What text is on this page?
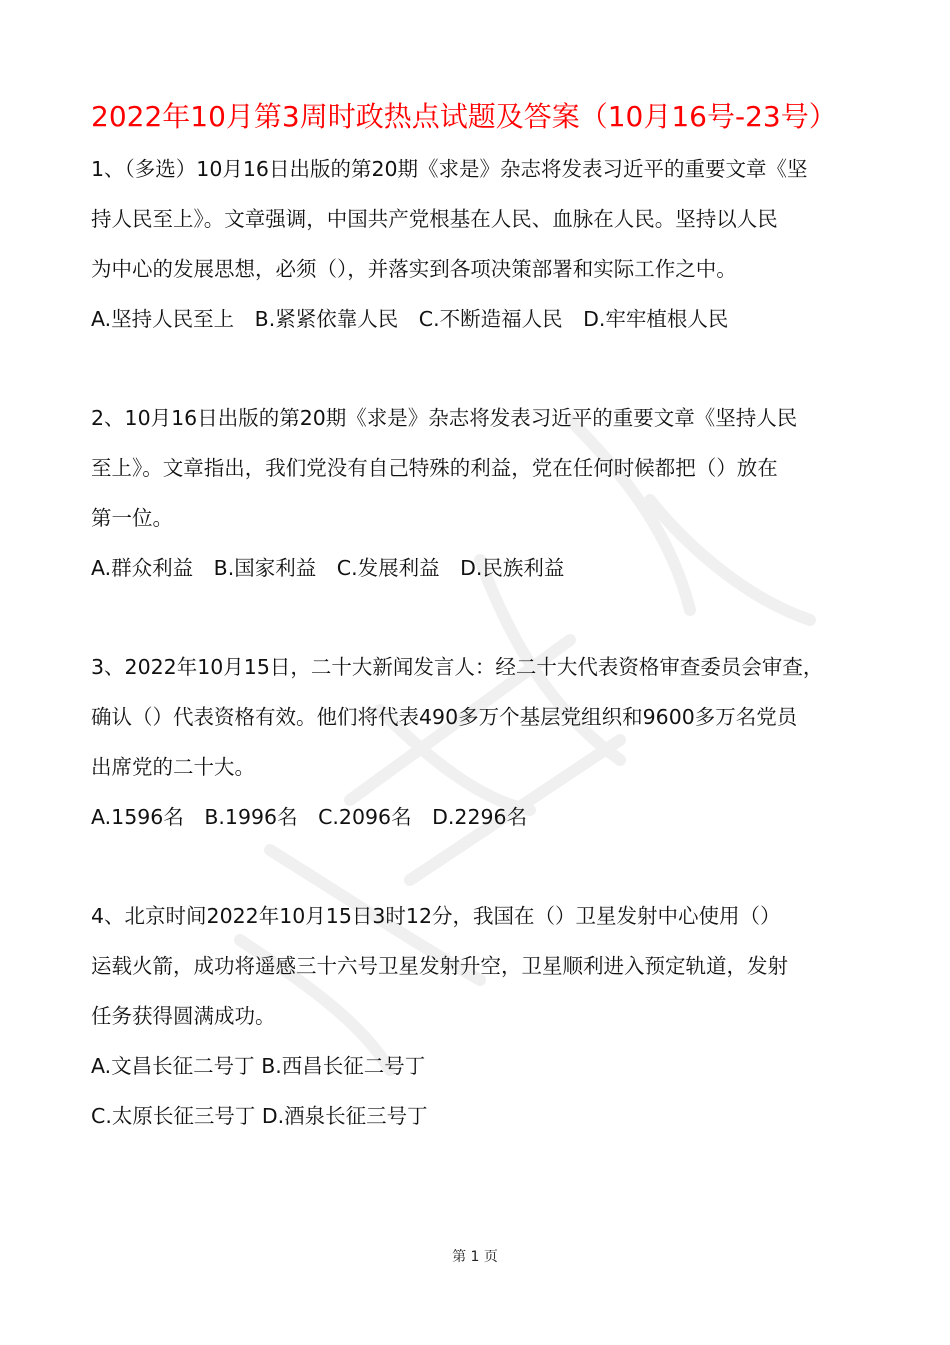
2022年10月第3周时政热点试题及答案（10月16号-23号）
1、（多选）10月16日出版的第20期《求是》杂志将发表习近平的重要文章《坚
持人民至上》。文章强调，中国共产党根基在人民、血脉在人民。坚持以人民
为中心的发展思想，必须（），并落实到各项决策部署和实际工作之中。
A.坚持人民至上　B.紧紧依靠人民　C.不断造福人民　D.牢牢植根人民
2、10月16日出版的第20期《求是》杂志将发表习近平的重要文章《坚持人民
至上》。文章指出，我们党没有自己特殊的利益，党在任何时候都把（）放在
第一位。
A.群众利益　B.国家利益　C.发展利益　D.民族利益
3、2022年10月15日，二十大新闻发言人：经二十大代表资格审查委员会审查，
确认（）代表资格有效。他们将代表490多万个基层党组织和9600多万名党员
出席党的二十大。
A.1596名　B.1996名　C.2096名　D.2296名
4、北京时间2022年10月15日3时12分，我国在（）卫星发射中心使用（）
运载火箭，成功将遥感三十六号卫星发射升空，卫星顺利进入预定轨道，发射
任务获得圆满成功。
A.文昌长征二号丁 B.西昌长征二号丁
C.太原长征三号丁 D.酒泉长征三号丁
第 1 页
